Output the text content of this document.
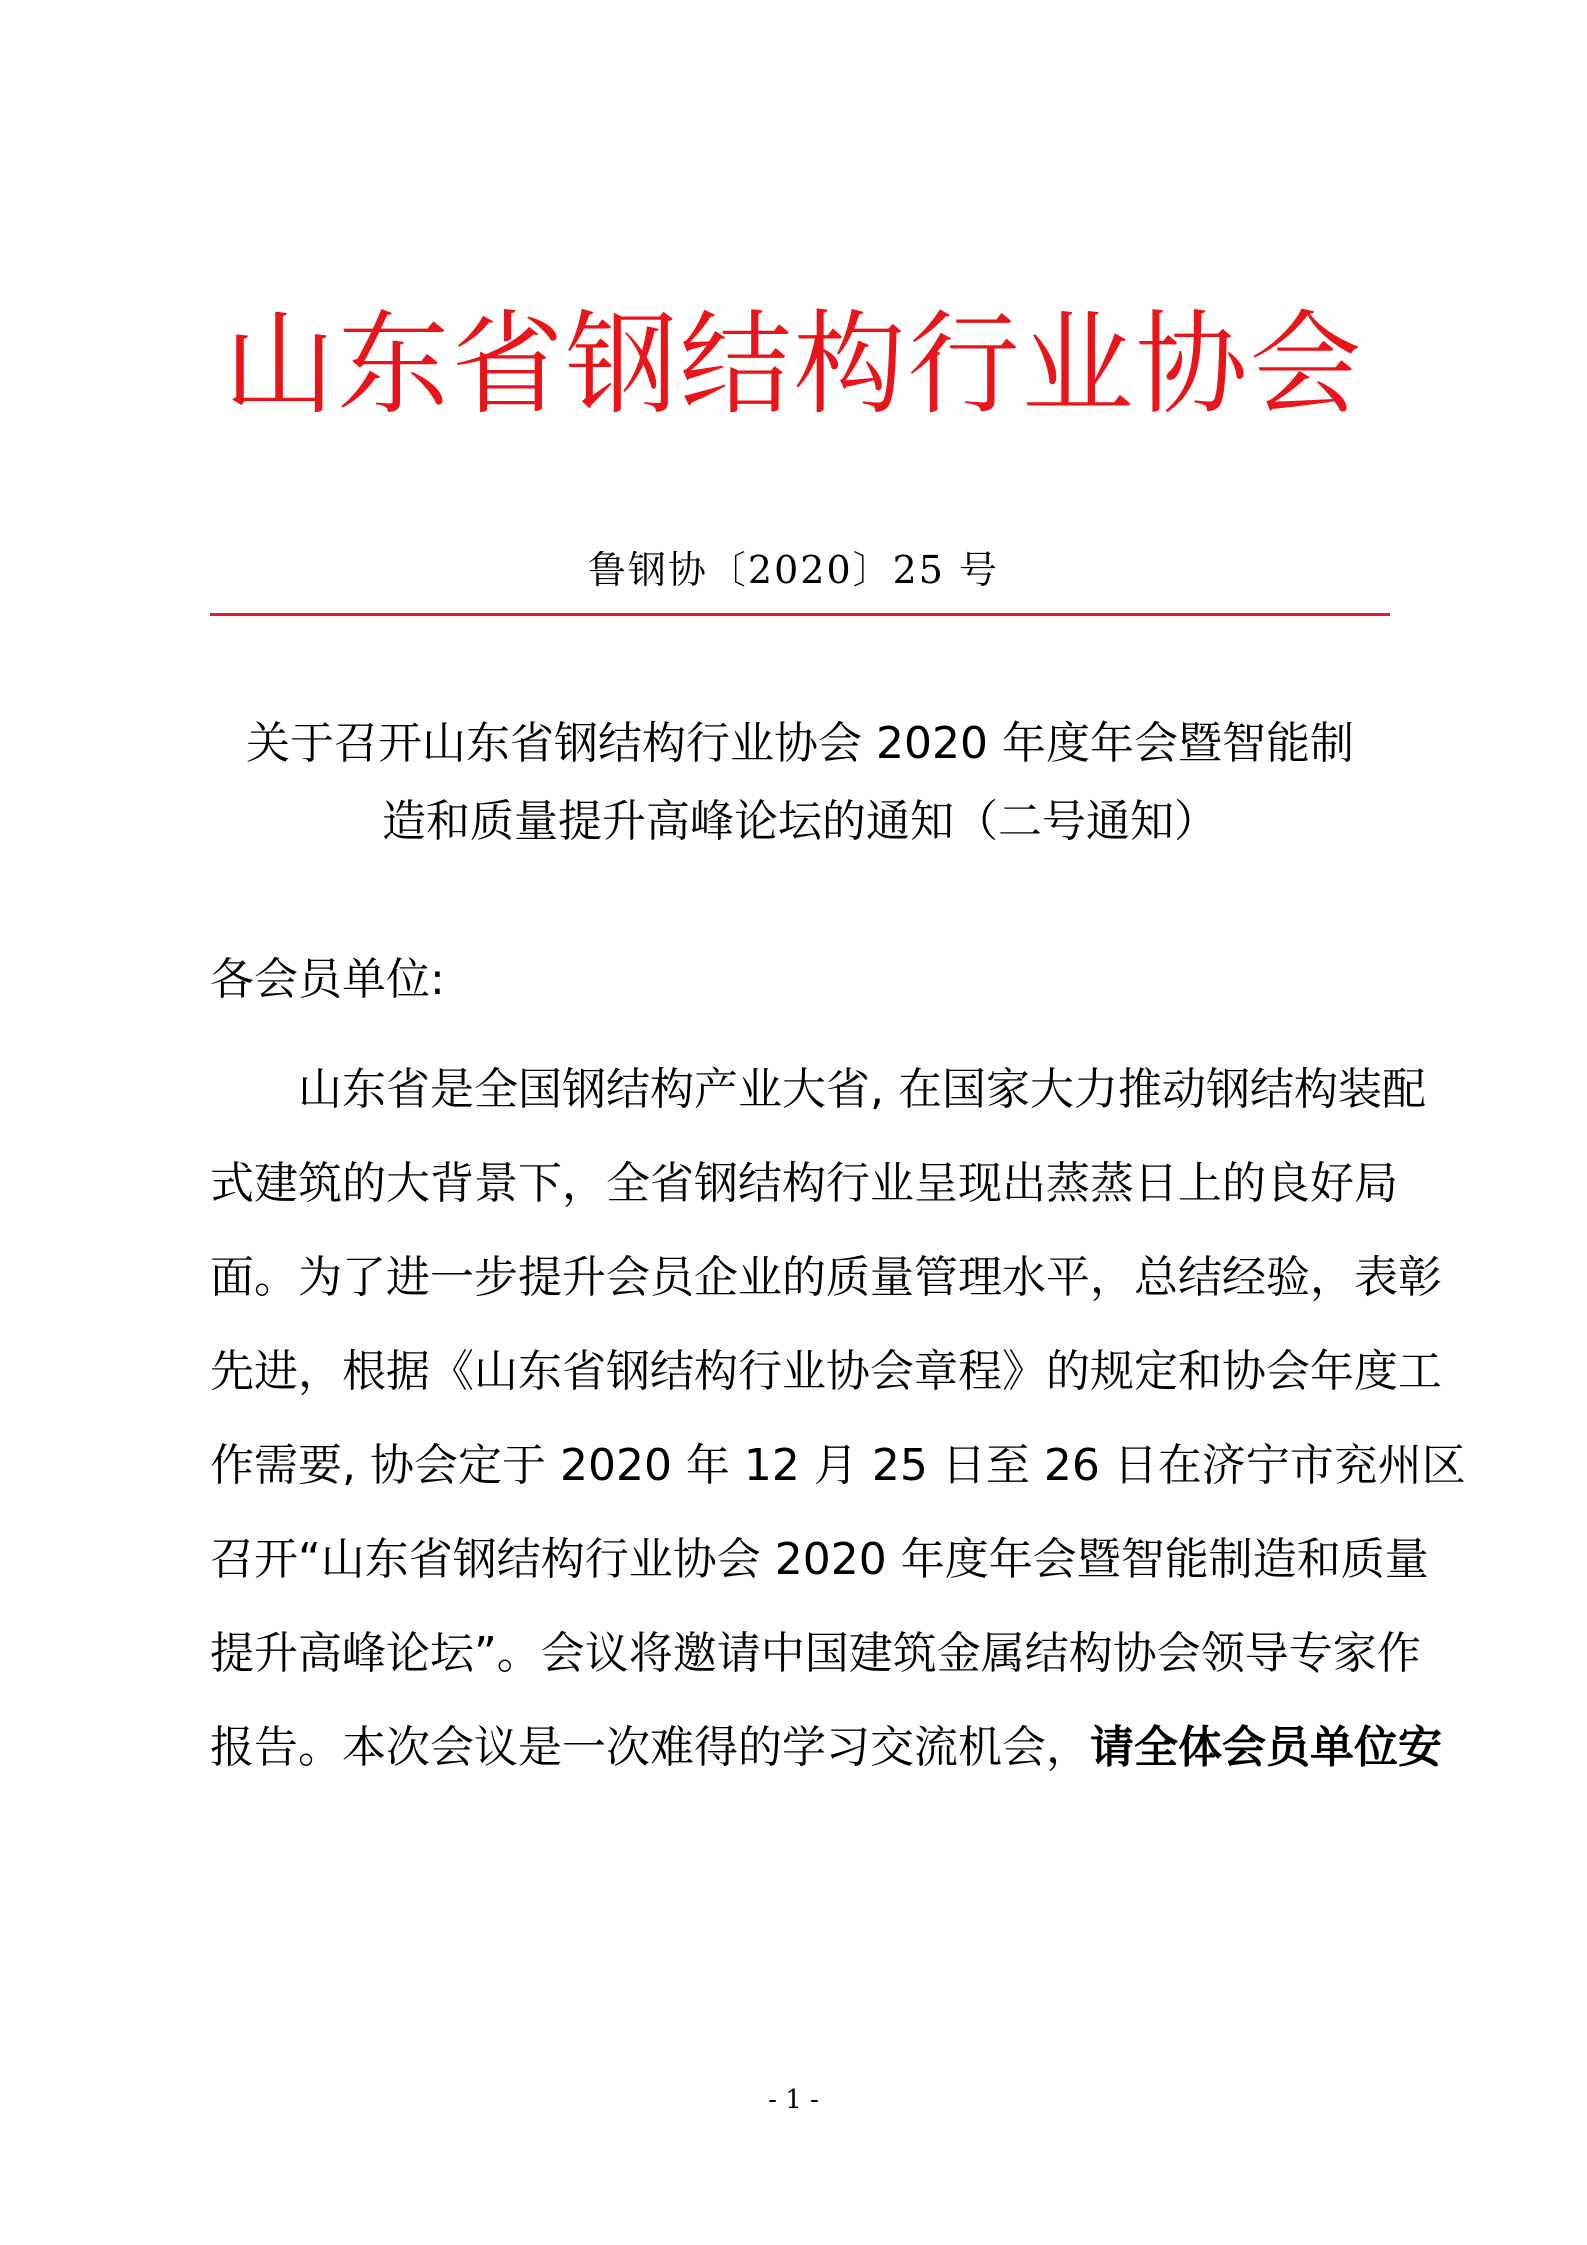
山东省钢结构行业协会
鲁钢协〔2020〕25 号
关于召开山东省钢结构行业协会 2020 年度年会暨智能制
造和质量提升高峰论坛的通知（二号通知）
各会员单位:
山东省是全国钢结构产业大省, 在国家大力推动钢结构装配
式建筑的大背景下，全省钢结构行业呈现出蒸蒸日上的良好局
面。为了进一步提升会员企业的质量管理水平，总结经验，表彰
先进，根据《山东省钢结构行业协会章程》的规定和协会年度工
作需要, 协会定于 2020 年 12 月 25 日至 26 日在济宁市兖州区
召开“山东省钢结构行业协会 2020 年度年会暨智能制造和质量
提升高峰论坛”。会议将邀请中国建筑金属结构协会领导专家作
报告。本次会议是一次难得的学习交流机会，请全体会员单位安
- 1 -
